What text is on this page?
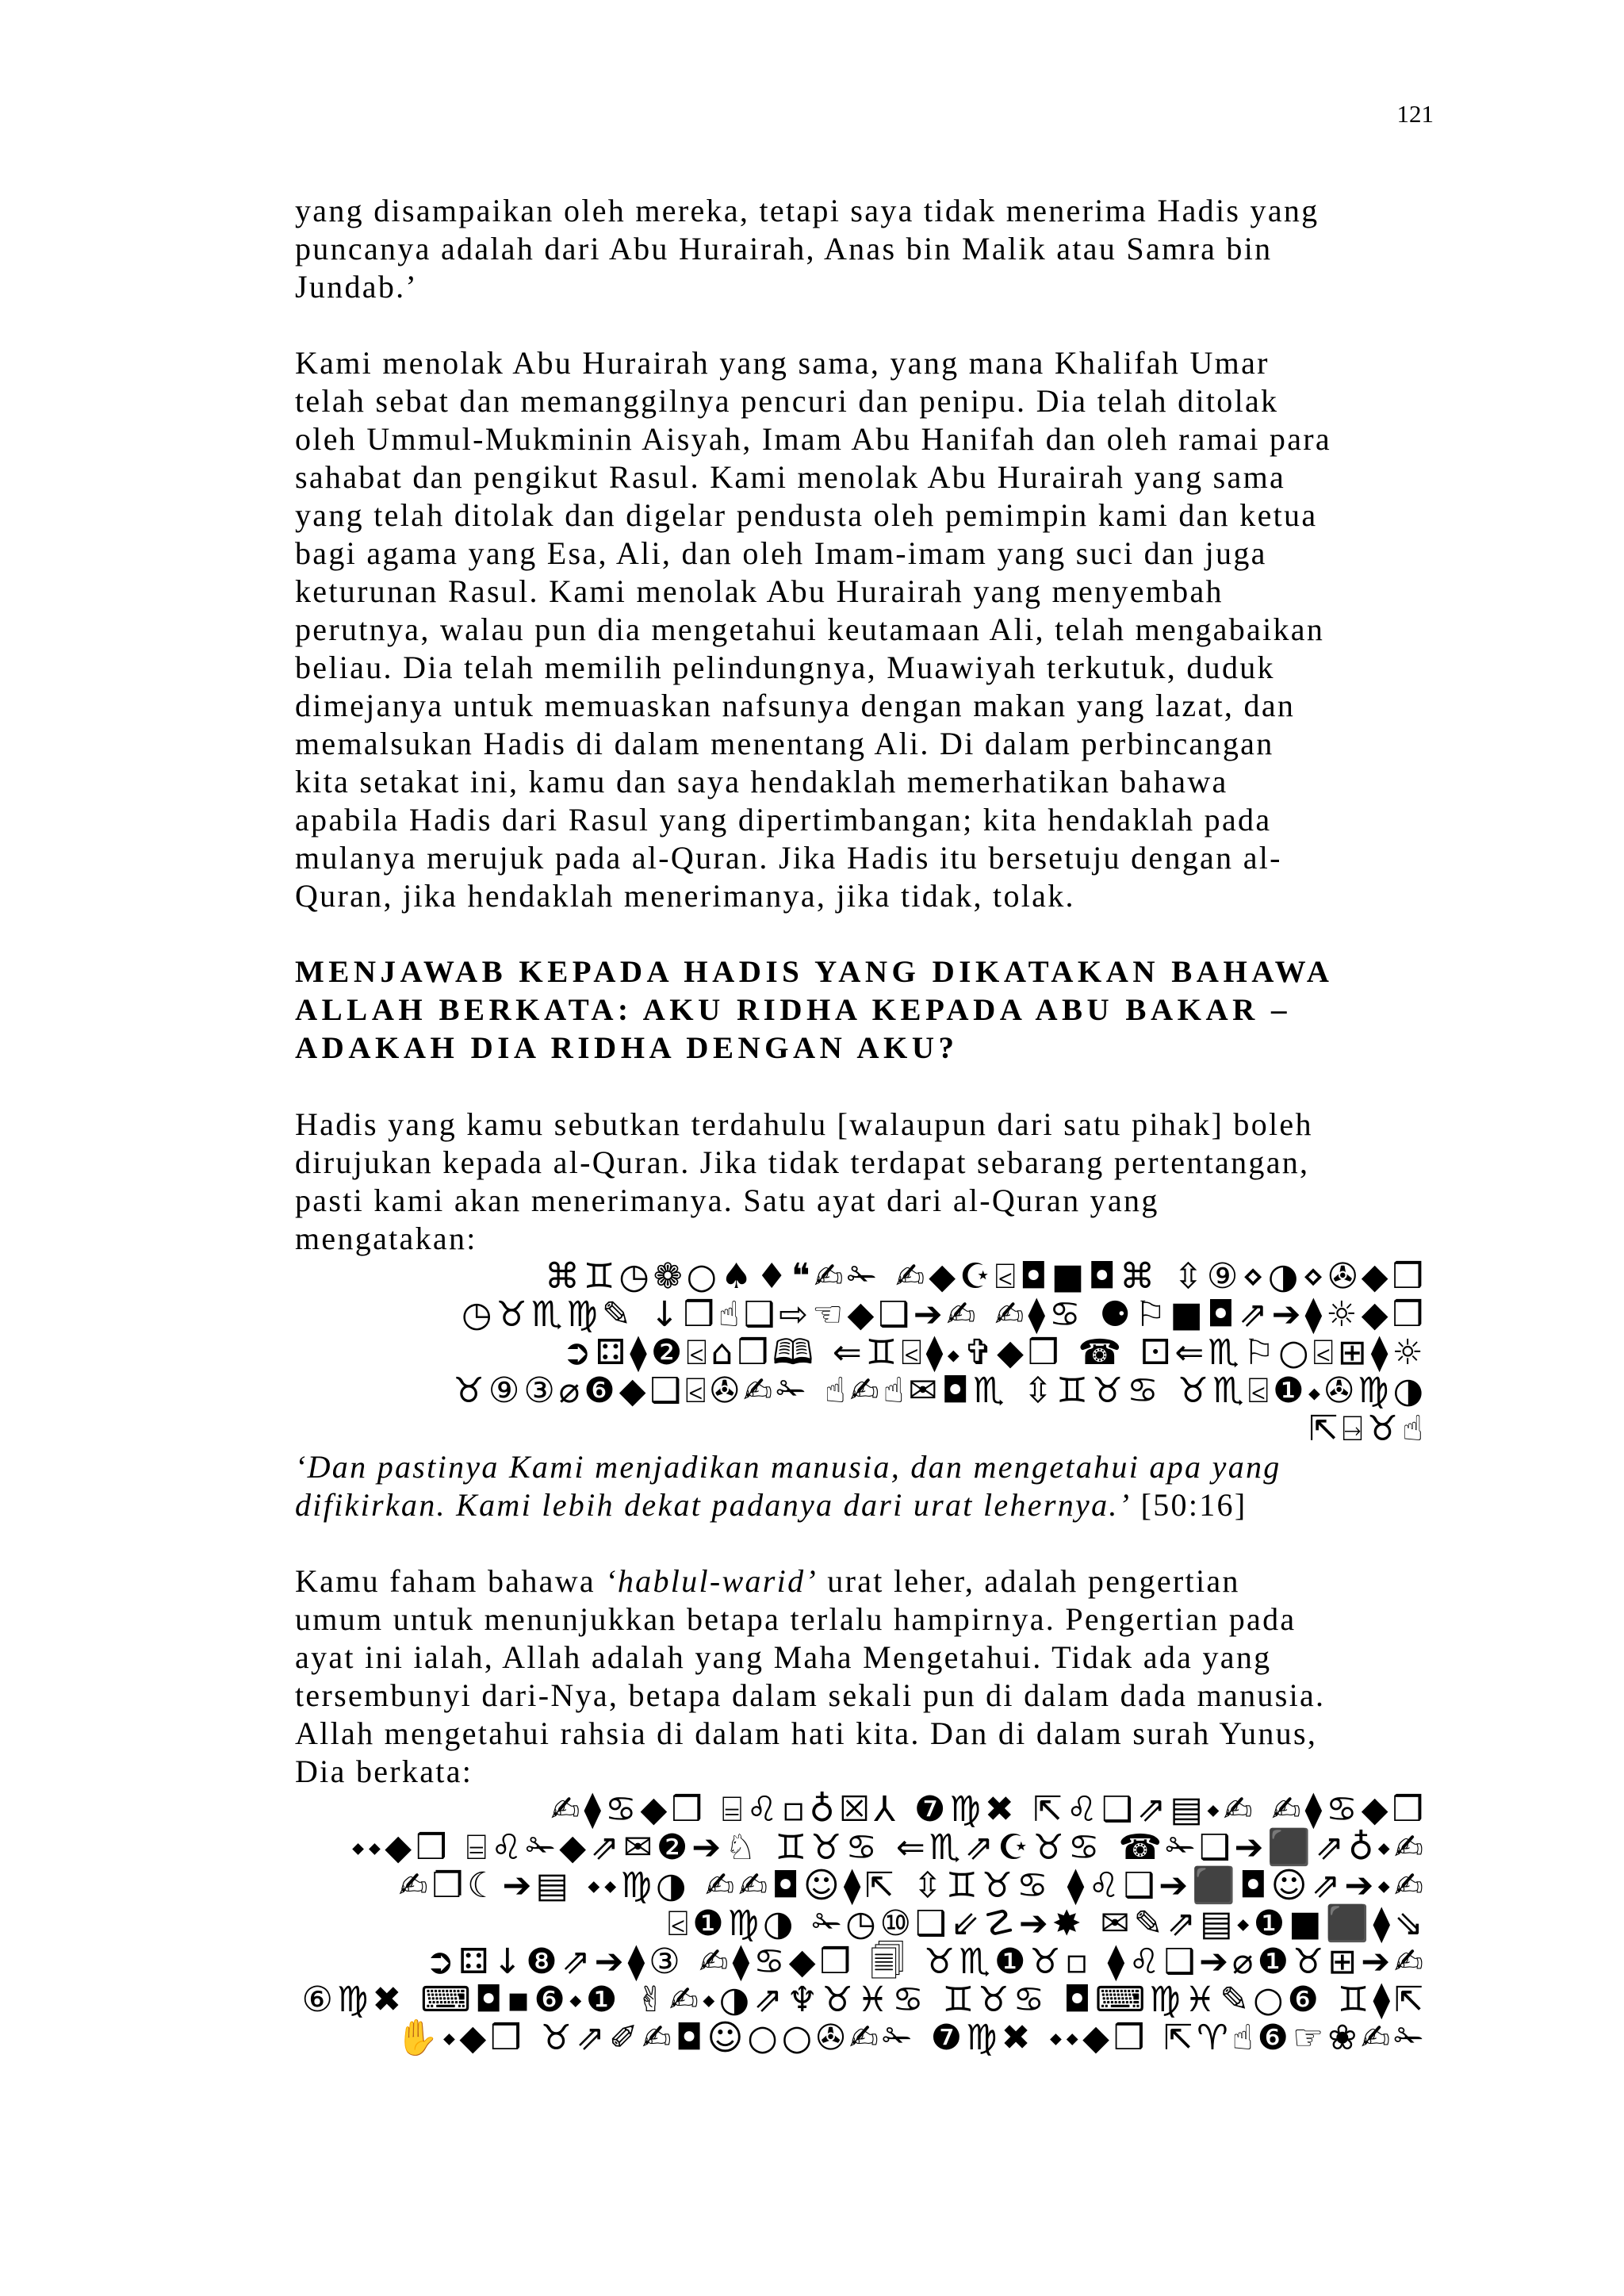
121

yang disampaikan oleh mereka, tetapi saya tidak menerima Hadis yang
puncanya adalah dari Abu Hurairah, Anas bin Malik atau Samra bin
Jundab.’

Kami menolak Abu Hurairah yang sama, yang mana Khalifah Umar
telah sebat dan memanggilnya pencuri dan penipu. Dia telah ditolak
oleh Ummul-Mukminin Aisyah, Imam Abu Hanifah dan oleh ramai para
sahabat dan pengikut Rasul. Kami menolak Abu Hurairah yang sama
yang telah ditolak dan digelar pendusta oleh pemimpin kami dan ketua
bagi agama yang Esa, Ali, dan oleh Imam-imam yang suci dan juga
keturunan Rasul. Kami menolak Abu Hurairah yang menyembah
perutnya, walau pun dia mengetahui keutamaan Ali, telah mengabaikan
beliau. Dia telah memilih pelindungnya, Muawiyah terkutuk, duduk
dimejanya untuk memuaskan nafsunya dengan makan yang lazat, dan
memalsukan Hadis di dalam menentang Ali. Di dalam perbincangan
kita setakat ini, kamu dan saya hendaklah memerhatikan bahawa
apabila Hadis dari Rasul yang dipertimbangan; kita hendaklah pada
mulanya merujuk pada al-Quran. Jika Hadis itu bersetuju dengan al-
Quran, jika hendaklah menerimanya, jika tidak, tolak.

MENJAWAB KEPADA HADIS YANG DIKATAKAN BAHAWA
ALLAH BERKATA: AKU RIDHA KEPADA ABU BAKAR –
ADAKAH DIA RIDHA DENGAN AKU?

Hadis yang kamu sebutkan terdahulu [walaupun dari satu pihak] boleh
dirujukan kepada al-Quran. Jika tidak terdapat sebarang pertentangan,
pasti kami akan menerimanya. Satu ayat dari al-Quran yang
mengatakan:

⌘♊◷❁○♠♦❝✍✁ ✍◆☪⍃◘■◘⌘ ⇳⑨⋄◑⋄✇◆❒
◷♉♏♍✎ ↓❒☝❑⇨☜◆❑➔✍ ✍⧫♋ ⚈⚐■◘⇗➔⧫☼◆❒
➲⚃⧫❷⍃⌂❒🕮 ⇐♊⍃⧫⬩✞◆❒ ☎ ⚀⇐♏⚐○⍃⊞⧫☼
♉⑨③⌀❻◆❑⍃✇✍✁ ☝✍☝✉◘♏ ⇳♊♉♋ ♉♏⍃❶⬩✇♍◑
⇱⍈♉☝

‘Dan pastinya Kami menjadikan manusia, dan mengetahui apa yang
difikirkan. Kami lebih dekat padanya dari urat lehernya.’ [50:16]

Kamu faham bahawa ‘hablul-warid’ urat leher, adalah pengertian
umum untuk menunjukkan betapa terlalu hampirnya. Pengertian pada
ayat ini ialah, Allah adalah yang Maha Mengetahui. Tidak ada yang
tersembunyi dari-Nya, betapa dalam sekali pun di dalam dada manusia.
Allah mengetahui rahsia di dalam hati kita. Dan di dalam surah Yunus,
Dia berkata:

✍⧫♋◆❒ ⌸♌▫♁☒⅄ ❼♍✖ ⇱♌❑⇗▤⬩✍ ✍⧫♋◆❒
⬩⬩◆❒ ⌸♌✁◆⇗✉❷➔♘ ♊♉♋ ⇐♏⇗☪♉♋ ☎✁❑➔⬛⇗♁⬩✍
✍❐☾➔▤ ⬩⬩♍◑ ✍✍◘☺⧫⇱ ⇳♊♉♋ ⧫♌❑➔⬛◘☺⇗➔⬩✍
⍃❶♍◑ ✁◷⑩❑⇙☡➔✸ ✉✎⇗▤⬩❶■⬛⧫⇘
➲⚃↓❽⇗➔⧫③ ✍⧫♋◆❒ 🗐 ♉♏❶♉▫ ⧫♌❑➔⌀❶♉⊞➔✍
⑥♍✖ ⌨◘▪❻⬩❶ ✌✍⬩◑⇗♆♉♓♋ ♊♉♋ ◘⌨♍♓✎○❻ ♊⧫⇱
✋⬩◆❒ ♉⇗✐✍◘☺○○✇✍✁ ❼♍✖ ⬩⬩◆❒ ⇱♈☝❻☞❀✍✁
